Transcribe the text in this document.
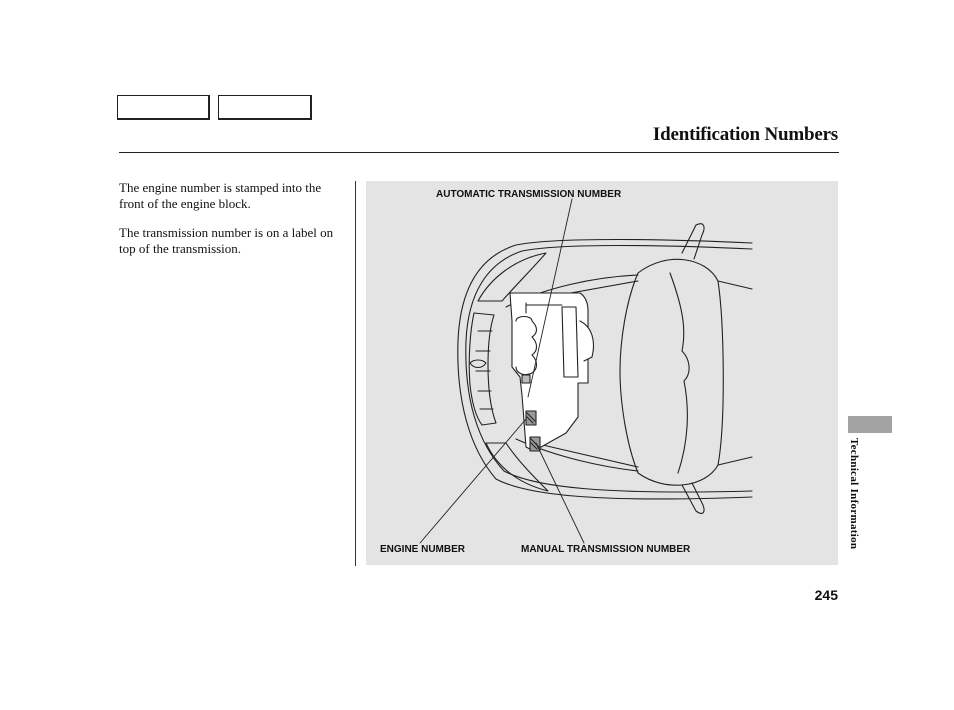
Identification Numbers

The engine number is stamped into the front of the engine block.

The transmission number is on a label on top of the transmission.

AUTOMATIC TRANSMISSION NUMBER
ENGINE NUMBER	MANUAL TRANSMISSION NUMBER
Technical Information
245
